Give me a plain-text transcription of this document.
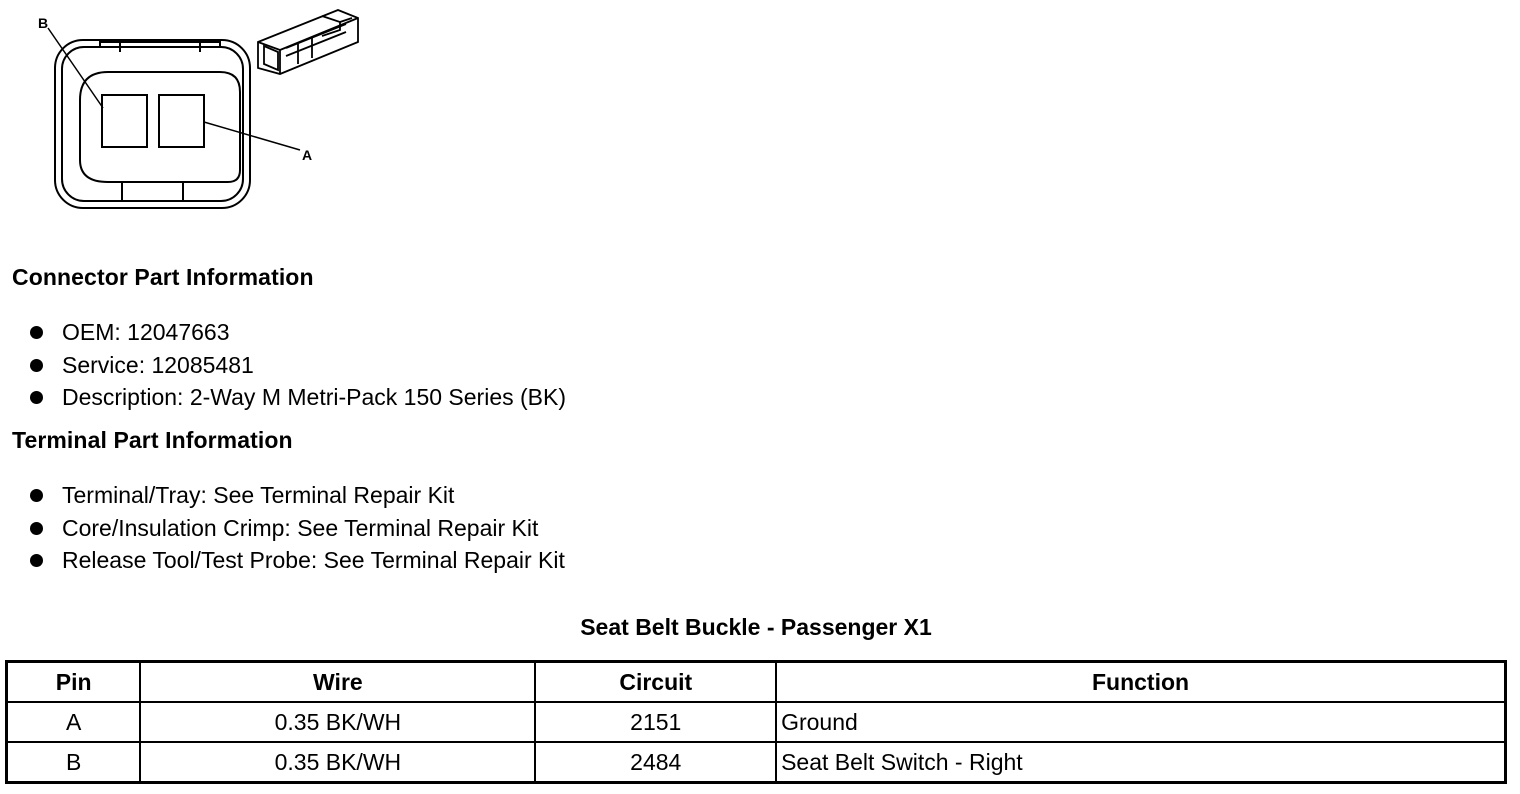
B
A
Connector Part Information
OEM: 12047663
Service: 12085481
Description: 2-Way M Metri-Pack 150 Series (BK)
Terminal Part Information
Terminal/Tray: See Terminal Repair Kit
Core/Insulation Crimp: See Terminal Repair Kit
Release Tool/Test Probe: See Terminal Repair Kit
Seat Belt Buckle - Passenger X1
Pin	Wire	Circuit	Function
A	0.35 BK/WH	2151	Ground
B	0.35 BK/WH	2484	Seat Belt Switch - Right
